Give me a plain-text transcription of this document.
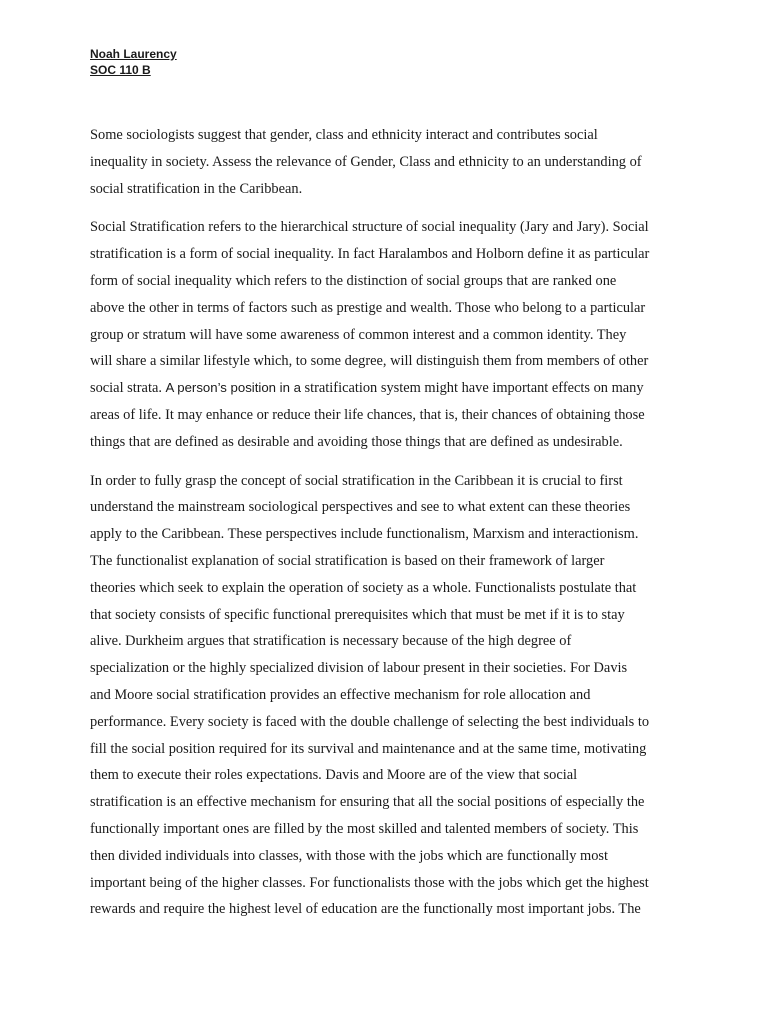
Noah Laurency
SOC 110 B

Some sociologists suggest that gender, class and ethnicity interact and contributes social
inequality in society. Assess the relevance of Gender, Class and ethnicity to an understanding of
social stratification in the Caribbean.

Social Stratification refers to the hierarchical structure of social inequality (Jary and Jary). Social
stratification is a form of social inequality. In fact Haralambos and Holborn define it as particular
form of social inequality which refers to the distinction of social groups that are ranked one
above the other in terms of factors such as prestige and wealth. Those who belong to a particular
group or stratum will have some awareness of common interest and a common identity. They
will share a similar lifestyle which, to some degree, will distinguish them from members of other
social strata. A person’s position in a stratification system might have important effects on many
areas of life. It may enhance or reduce their life chances, that is, their chances of obtaining those
things that are defined as desirable and avoiding those things that are defined as undesirable.

In order to fully grasp the concept of social stratification in the Caribbean it is crucial to first
understand the mainstream sociological perspectives and see to what extent can these theories
apply to the Caribbean. These perspectives include functionalism, Marxism and interactionism.
The functionalist explanation of social stratification is based on their framework of larger
theories which seek to explain the operation of society as a whole. Functionalists postulate that
that society consists of specific functional prerequisites which that must be met if it is to stay
alive. Durkheim argues that stratification is necessary because of the high degree of
specialization or the highly specialized division of labour present in their societies. For Davis
and Moore social stratification provides an effective mechanism for role allocation and
performance. Every society is faced with the double challenge of selecting the best individuals to
fill the social position required for its survival and maintenance and at the same time, motivating
them to execute their roles expectations. Davis and Moore are of the view that social
stratification is an effective mechanism for ensuring that all the social positions of especially the
functionally important ones are filled by the most skilled and talented members of society. This
then divided individuals into classes, with those with the jobs which are functionally most
important being of the higher classes. For functionalists those with the jobs which get the highest
rewards and require the highest level of education are the functionally most important jobs. The
